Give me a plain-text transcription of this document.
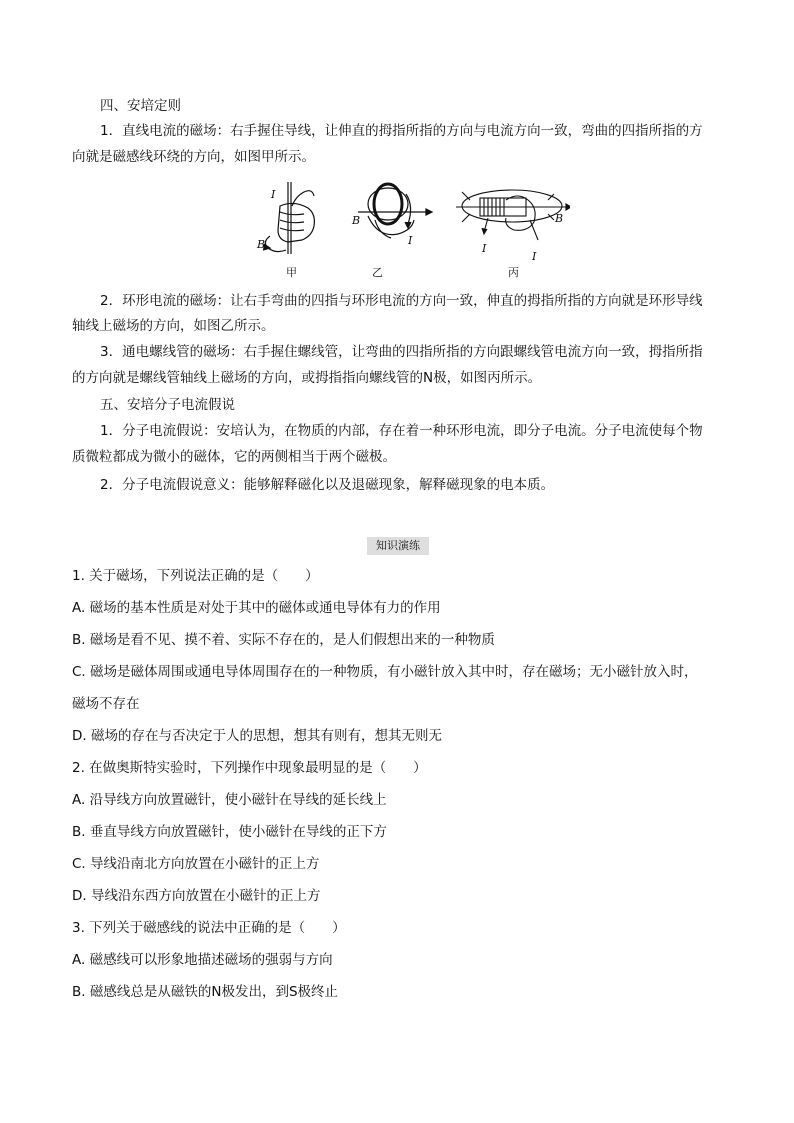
四、安培定则
1．直线电流的磁场：右手握住导线，让伸直的拇指所指的方向与电流方向一致，弯曲的四指所指的方
向就是磁感线环绕的方向，如图甲所示。
I
B
B
I
B
I
I
甲	乙	丙
2．环形电流的磁场：让右手弯曲的四指与环形电流的方向一致，伸直的拇指所指的方向就是环形导线
轴线上磁场的方向，如图乙所示。
3．通电螺线管的磁场：右手握住螺线管，让弯曲的四指所指的方向跟螺线管电流方向一致，拇指所指
的方向就是螺线管轴线上磁场的方向，或拇指指向螺线管的N极，如图丙所示。
五、安培分子电流假说
1．分子电流假说：安培认为，在物质的内部，存在着一种环形电流，即分子电流。分子电流使每个物
质微粒都成为微小的磁体，它的两侧相当于两个磁极。
2．分子电流假说意义：能够解释磁化以及退磁现象，解释磁现象的电本质。
知识演练
1. 关于磁场，下列说法正确的是（　　）
A. 磁场的基本性质是对处于其中的磁体或通电导体有力的作用
B. 磁场是看不见、摸不着、实际不存在的，是人们假想出来的一种物质
C. 磁场是磁体周围或通电导体周围存在的一种物质，有小磁针放入其中时，存在磁场；无小磁针放入时，
磁场不存在
D. 磁场的存在与否决定于人的思想，想其有则有，想其无则无
2. 在做奥斯特实验时，下列操作中现象最明显的是（　　）
A. 沿导线方向放置磁针，使小磁针在导线的延长线上
B. 垂直导线方向放置磁针，使小磁针在导线的正下方
C. 导线沿南北方向放置在小磁针的正上方
D. 导线沿东西方向放置在小磁针的正上方
3. 下列关于磁感线的说法中正确的是（　　）
A. 磁感线可以形象地描述磁场的强弱与方向
B. 磁感线总是从磁铁的N极发出，到S极终止
